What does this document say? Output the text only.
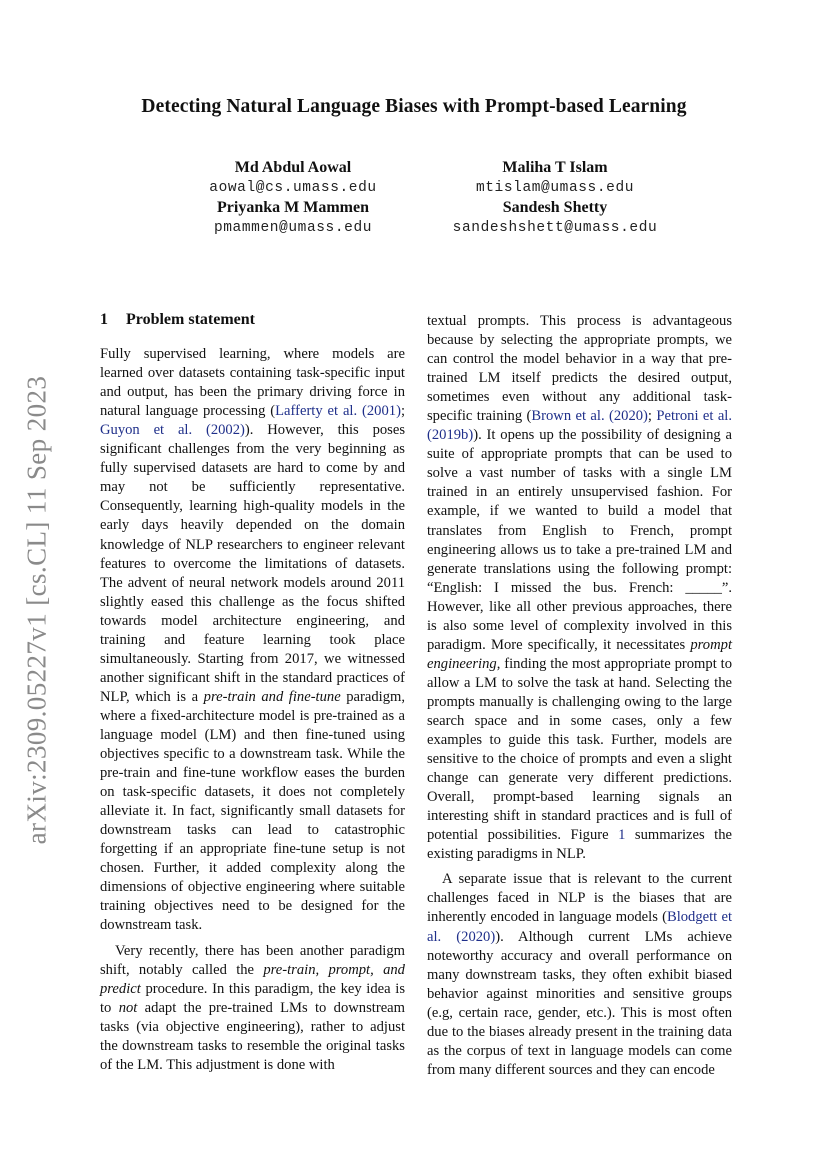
arXiv:2309.05227v1 [cs.CL] 11 Sep 2023
Detecting Natural Language Biases with Prompt-based Learning
Md Abdul Aowal
aowal@cs.umass.edu
Priyanka M Mammen
pmammen@umass.edu
Maliha T Islam
mtislam@umass.edu
Sandesh Shetty
sandeshshett@umass.edu
1 Problem statement

Fully supervised learning, where models are learned over datasets containing task-specific input and output, has been the primary driving force in natural language processing (Lafferty et al. (2001); Guyon et al. (2002)). However, this poses significant challenges from the very beginning as fully supervised datasets are hard to come by and may not be sufficiently representative. Consequently, learning high-quality models in the early days heavily depended on the domain knowledge of NLP researchers to engineer relevant features to overcome the limitations of datasets. The advent of neural network models around 2011 slightly eased this challenge as the focus shifted towards model architecture engineering, and training and feature learning took place simultaneously. Starting from 2017, we witnessed another significant shift in the standard practices of NLP, which is a pre-train and fine-tune paradigm, where a fixed-architecture model is pre-trained as a language model (LM) and then fine-tuned using objectives specific to a downstream task. While the pre-train and fine-tune workflow eases the burden on task-specific datasets, it does not completely alleviate it. In fact, significantly small datasets for downstream tasks can lead to catastrophic forgetting if an appropriate fine-tune setup is not chosen. Further, it added complexity along the dimensions of objective engineering where suitable training objectives need to be designed for the downstream task.

Very recently, there has been another paradigm shift, notably called the pre-train, prompt, and predict procedure. In this paradigm, the key idea is to not adapt the pre-trained LMs to downstream tasks (via objective engineering), rather to adjust the downstream tasks to resemble the original tasks of the LM. This adjustment is done with

textual prompts. This process is advantageous because by selecting the appropriate prompts, we can control the model behavior in a way that pre-trained LM itself predicts the desired output, sometimes even without any additional task-specific training (Brown et al. (2020); Petroni et al. (2019b)). It opens up the possibility of designing a suite of appropriate prompts that can be used to solve a vast number of tasks with a single LM trained in an entirely unsupervised fashion. For example, if we wanted to build a model that translates from English to French, prompt engineering allows us to take a pre-trained LM and generate translations using the following prompt: “English: I missed the bus. French: _____”. However, like all other previous approaches, there is also some level of complexity involved in this paradigm. More specifically, it necessitates prompt engineering, finding the most appropriate prompt to allow a LM to solve the task at hand. Selecting the prompts manually is challenging owing to the large search space and in some cases, only a few examples to guide this task. Further, models are sensitive to the choice of prompts and even a slight change can generate very different predictions. Overall, prompt-based learning signals an interesting shift in standard practices and is full of potential possibilities. Figure 1 summarizes the existing paradigms in NLP.

A separate issue that is relevant to the current challenges faced in NLP is the biases that are inherently encoded in language models (Blodgett et al. (2020)). Although current LMs achieve noteworthy accuracy and overall performance on many downstream tasks, they often exhibit biased behavior against minorities and sensitive groups (e.g, certain race, gender, etc.). This is most often due to the biases already present in the training data as the corpus of text in language models can come from many different sources and they can encode
